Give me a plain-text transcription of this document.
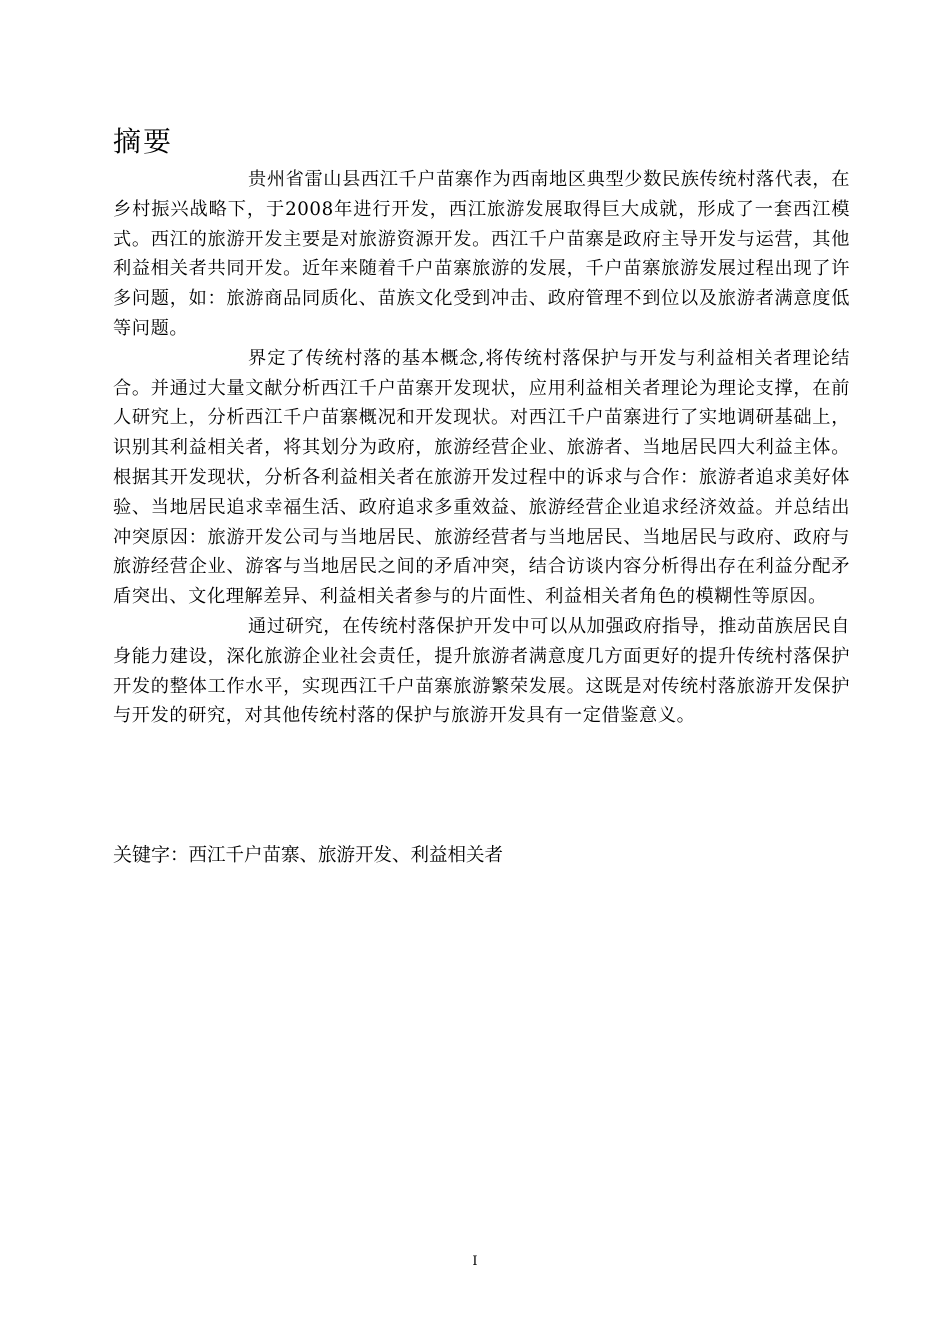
摘要

贵州省雷山县西江千户苗寨作为西南地区典型少数民族传统村落代表，在乡村振兴战略下，于2008年进行开发，西江旅游发展取得巨大成就，形成了一套西江模式。西江的旅游开发主要是对旅游资源开发。西江千户苗寨是政府主导开发与运营，其他利益相关者共同开发。近年来随着千户苗寨旅游的发展，千户苗寨旅游发展过程出现了许多问题，如：旅游商品同质化、苗族文化受到冲击、政府管理不到位以及旅游者满意度低等问题。

界定了传统村落的基本概念,将传统村落保护与开发与利益相关者理论结合。并通过大量文献分析西江千户苗寨开发现状，应用利益相关者理论为理论支撑，在前人研究上，分析西江千户苗寨概况和开发现状。对西江千户苗寨进行了实地调研基础上，识别其利益相关者，将其划分为政府，旅游经营企业、旅游者、当地居民四大利益主体。根据其开发现状，分析各利益相关者在旅游开发过程中的诉求与合作：旅游者追求美好体验、当地居民追求幸福生活、政府追求多重效益、旅游经营企业追求经济效益。并总结出冲突原因：旅游开发公司与当地居民、旅游经营者与当地居民、当地居民与政府、政府与旅游经营企业、游客与当地居民之间的矛盾冲突，结合访谈内容分析得出存在利益分配矛盾突出、文化理解差异、利益相关者参与的片面性、利益相关者角色的模糊性等原因。

通过研究，在传统村落保护开发中可以从加强政府指导，推动苗族居民自身能力建设，深化旅游企业社会责任，提升旅游者满意度几方面更好的提升传统村落保护开发的整体工作水平，实现西江千户苗寨旅游繁荣发展。这既是对传统村落旅游开发保护与开发的研究，对其他传统村落的保护与旅游开发具有一定借鉴意义。

关键字：西江千户苗寨、旅游开发、利益相关者

I
